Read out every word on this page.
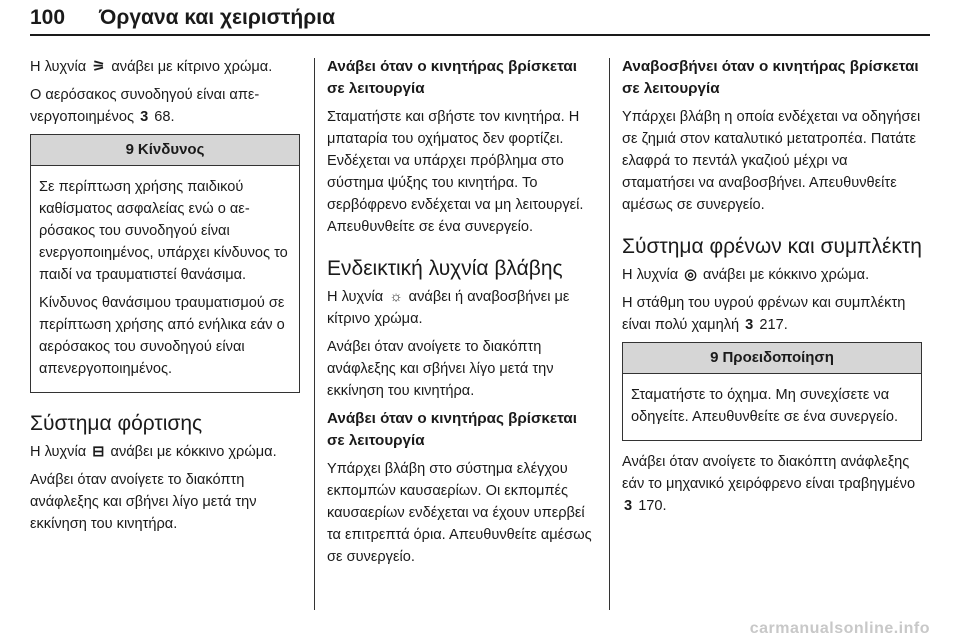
100 Όργανα και χειριστήρια

Η λυχνία ⚞ ανάβει με κίτρινο χρώμα.

Ο αερόσακος συνοδηγού είναι απενεργοποιημένος 3 68.

9 Κίνδυνος

Σε περίπτωση χρήσης παιδικού καθίσματος ασφαλείας ενώ ο αερόσακος του συνοδηγού είναι ενεργοποιημένος, υπάρχει κίνδυνος το παιδί να τραυματιστεί θανάσιμα.

Κίνδυνος θανάσιμου τραυματισμού σε περίπτωση χρήσης από ενήλικα εάν ο αερόσακος του συνοδηγού είναι απενεργοποιημένος.

Σύστημα φόρτισης

Η λυχνία ⊟ ανάβει με κόκκινο χρώμα.

Ανάβει όταν ανοίγετε το διακόπτη ανάφλεξης και σβήνει λίγο μετά την εκκίνηση του κινητήρα.

Ανάβει όταν ο κινητήρας βρίσκεται σε λειτουργία

Σταματήστε και σβήστε τον κινητήρα. Η μπαταρία του οχήματος δεν φορτίζει. Ενδέχεται να υπάρχει πρόβλημα στο σύστημα ψύξης του κινητήρα. Το σερβόφρενο ενδέχεται να μη λειτουργεί. Απευθυνθείτε σε ένα συνεργείο.

Ενδεικτική λυχνία βλάβης

Η λυχνία ☼ ανάβει ή αναβοσβήνει με κίτρινο χρώμα.

Ανάβει όταν ανοίγετε το διακόπτη ανάφλεξης και σβήνει λίγο μετά την εκκίνηση του κινητήρα.

Ανάβει όταν ο κινητήρας βρίσκεται σε λειτουργία

Υπάρχει βλάβη στο σύστημα ελέγχου εκπομπών καυσαερίων. Οι εκπομπές καυσαερίων ενδέχεται να έχουν υπερβεί τα επιτρεπτά όρια. Απευθυνθείτε αμέσως σε συνεργείο.

Αναβοσβήνει όταν ο κινητήρας βρίσκεται σε λειτουργία

Υπάρχει βλάβη η οποία ενδέχεται να οδηγήσει σε ζημιά στον καταλυτικό μετατροπέα. Πατάτε ελαφρά το πεντάλ γκαζιού μέχρι να σταματήσει να αναβοσβήνει. Απευθυνθείτε αμέσως σε συνεργείο.

Σύστημα φρένων και συμπλέκτη

Η λυχνία ◎ ανάβει με κόκκινο χρώμα.

Η στάθμη του υγρού φρένων και συμπλέκτη είναι πολύ χαμηλή 3 217.

9 Προειδοποίηση

Σταματήστε το όχημα. Μη συνεχίσετε να οδηγείτε. Απευθυνθείτε σε ένα συνεργείο.

Ανάβει όταν ανοίγετε το διακόπτη ανάφλεξης εάν το μηχανικό χειρόφρενο είναι τραβηγμένο 3 170.

carmanualsonline.info
